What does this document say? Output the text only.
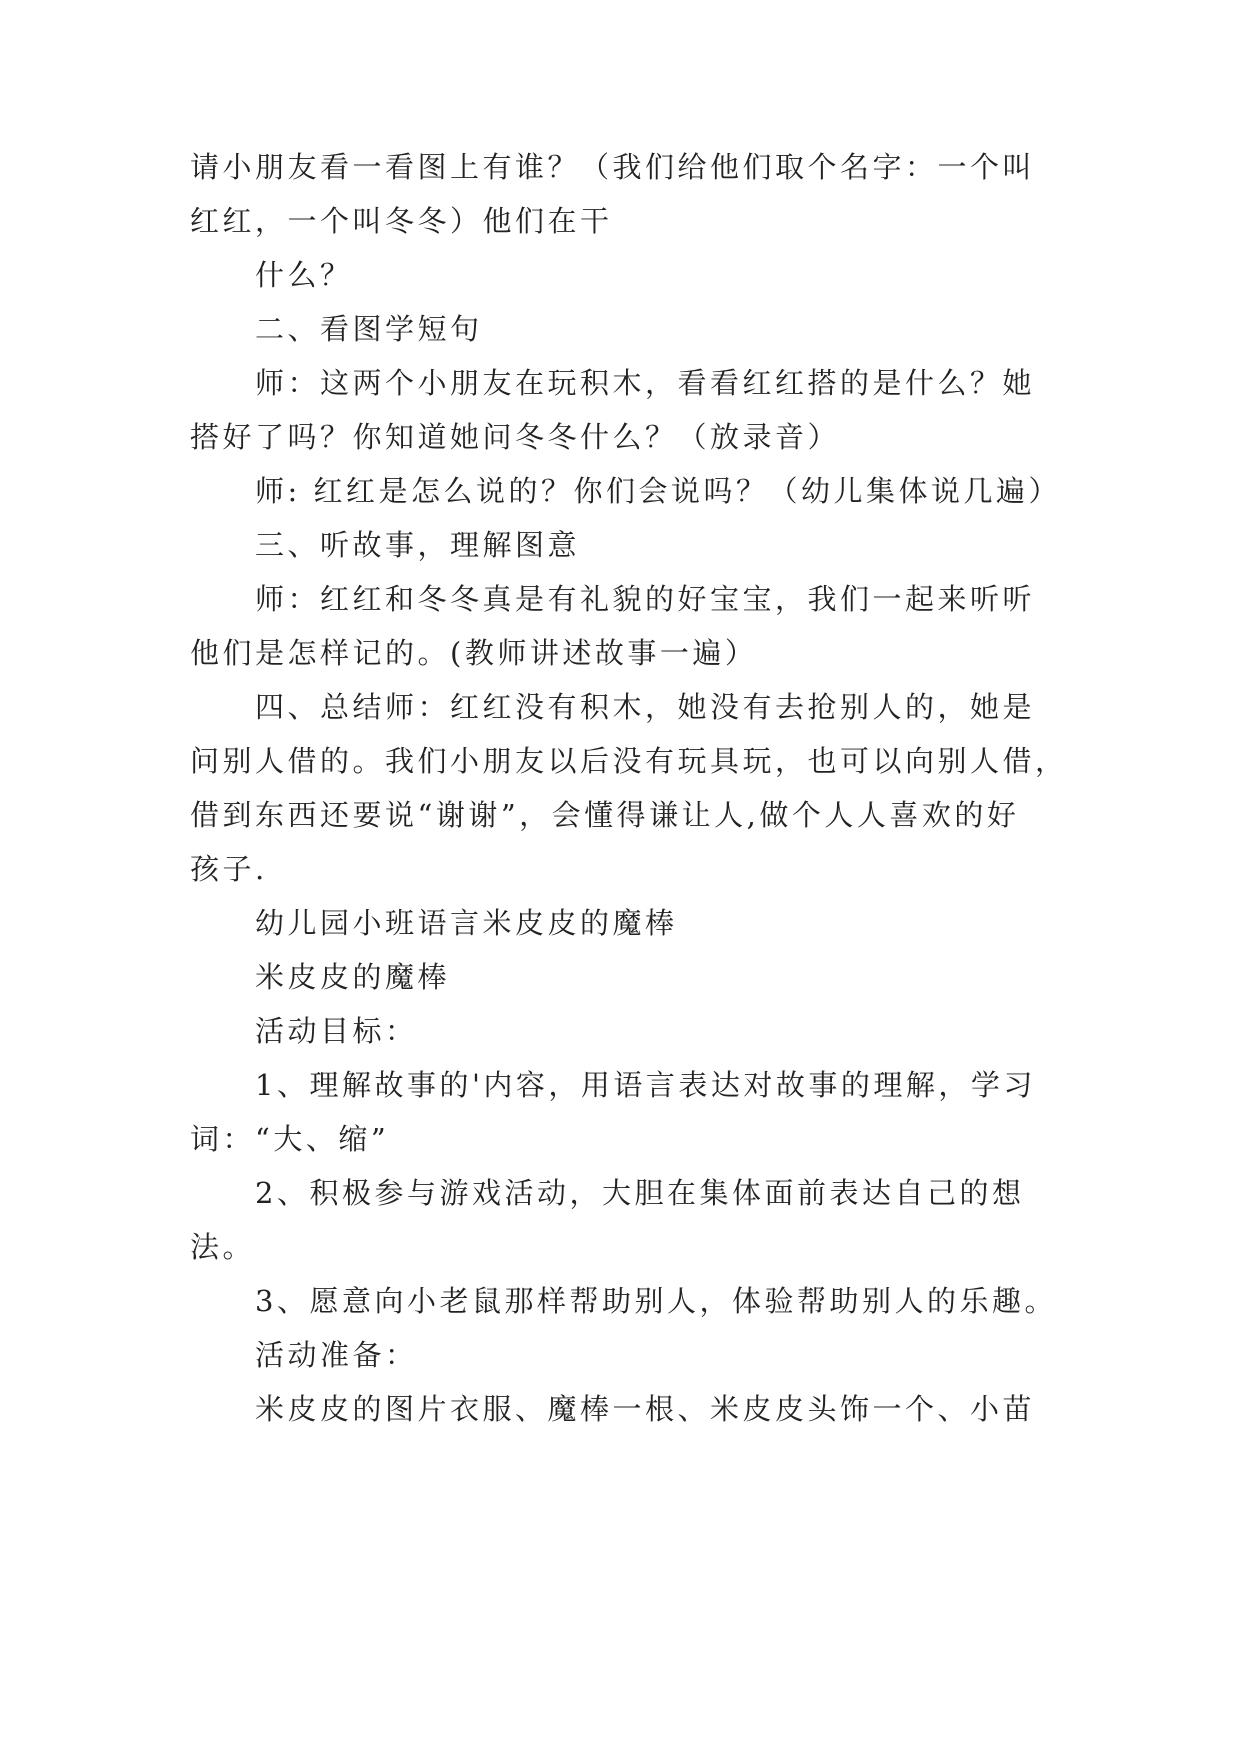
请小朋友看一看图上有谁？（我们给他们取个名字：一个叫
红红，一个叫冬冬）他们在干
什么？
二、看图学短句
师：这两个小朋友在玩积木，看看红红搭的是什么？她
搭好了吗？你知道她问冬冬什么？（放录音）
师: 红红是怎么说的？你们会说吗？（幼儿集体说几遍）
三、听故事，理解图意
师：红红和冬冬真是有礼貌的好宝宝，我们一起来听听
他们是怎样记的。(教师讲述故事一遍）
四、总结师：红红没有积木，她没有去抢别人的，她是
问别人借的。我们小朋友以后没有玩具玩，也可以向别人借，
借到东西还要说“谢谢”，会懂得谦让人,做个人人喜欢的好
孩子.
幼儿园小班语言米皮皮的魔棒
米皮皮的魔棒
活动目标：
1、理解故事的'内容，用语言表达对故事的理解，学习
词：“大、缩”
2、积极参与游戏活动，大胆在集体面前表达自己的想
法。
3、愿意向小老鼠那样帮助别人，体验帮助别人的乐趣。
活动准备：
米皮皮的图片衣服、魔棒一根、米皮皮头饰一个、小苗
